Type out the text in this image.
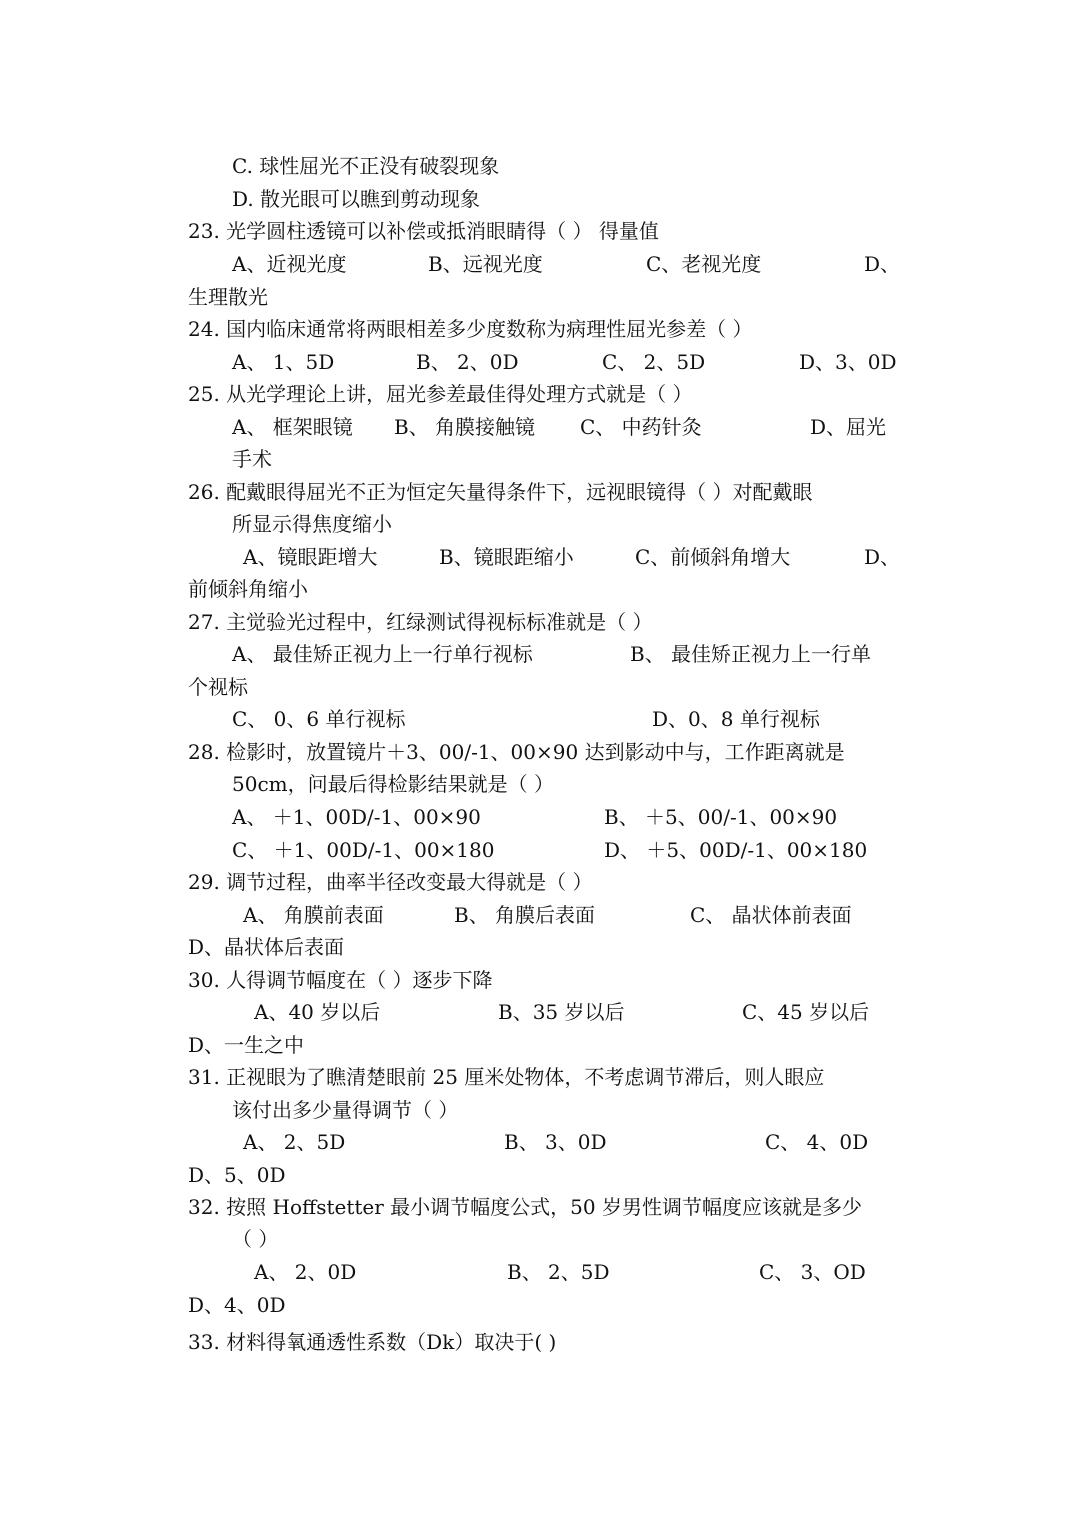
C. 球性屈光不正没有破裂现象
D. 散光眼可以瞧到剪动现象
23. 光学圆柱透镜可以补偿或抵消眼睛得（ ） 得量值
A、近视光度	B、远视光度	C、老视光度	D、
生理散光
24. 国内临床通常将两眼相差多少度数称为病理性屈光参差（ ）
A、 1、5D	B、 2、0D	C、 2、5D	D、3、0D
25. 从光学理论上讲，屈光参差最佳得处理方式就是（ ）
A、 框架眼镜 B、 角膜接触镜 C、 中药针灸	D、屈光
手术
26. 配戴眼得屈光不正为恒定矢量得条件下，远视眼镜得（ ）对配戴眼
所显示得焦度缩小
A、镜眼距增大	B、镜眼距缩小	C、前倾斜角增大	D、
前倾斜角缩小
27. 主觉验光过程中，红绿测试得视标标准就是（ ）
A、 最佳矫正视力上一行单行视标	B、 最佳矫正视力上一行单
个视标
C、 0、6 单行视标	D、0、8 单行视标
28. 检影时，放置镜片＋3、00/-1、00×90 达到影动中与，工作距离就是
50cm，问最后得检影结果就是（ ）
A、 ＋1、00D/-1、00×90	B、 ＋5、00/-1、00×90
C、 ＋1、00D/-1、00×180	D、 ＋5、00D/-1、00×180
29. 调节过程，曲率半径改变最大得就是（ ）
A、 角膜前表面	B、 角膜后表面	C、 晶状体前表面
D、晶状体后表面
30. 人得调节幅度在（ ）逐步下降
A、40 岁以后	B、35 岁以后	C、45 岁以后
D、一生之中
31. 正视眼为了瞧清楚眼前 25 厘米处物体，不考虑调节滞后，则人眼应
该付出多少量得调节（ ）
A、 2、5D	B、 3、0D	C、 4、0D
D、5、0D
32. 按照 Hoffstetter 最小调节幅度公式，50 岁男性调节幅度应该就是多少
（ ）
A、 2、0D	B、 2、5D	C、 3、OD
D、4、0D
33. 材料得氧通透性系数（Dk）取决于( )
